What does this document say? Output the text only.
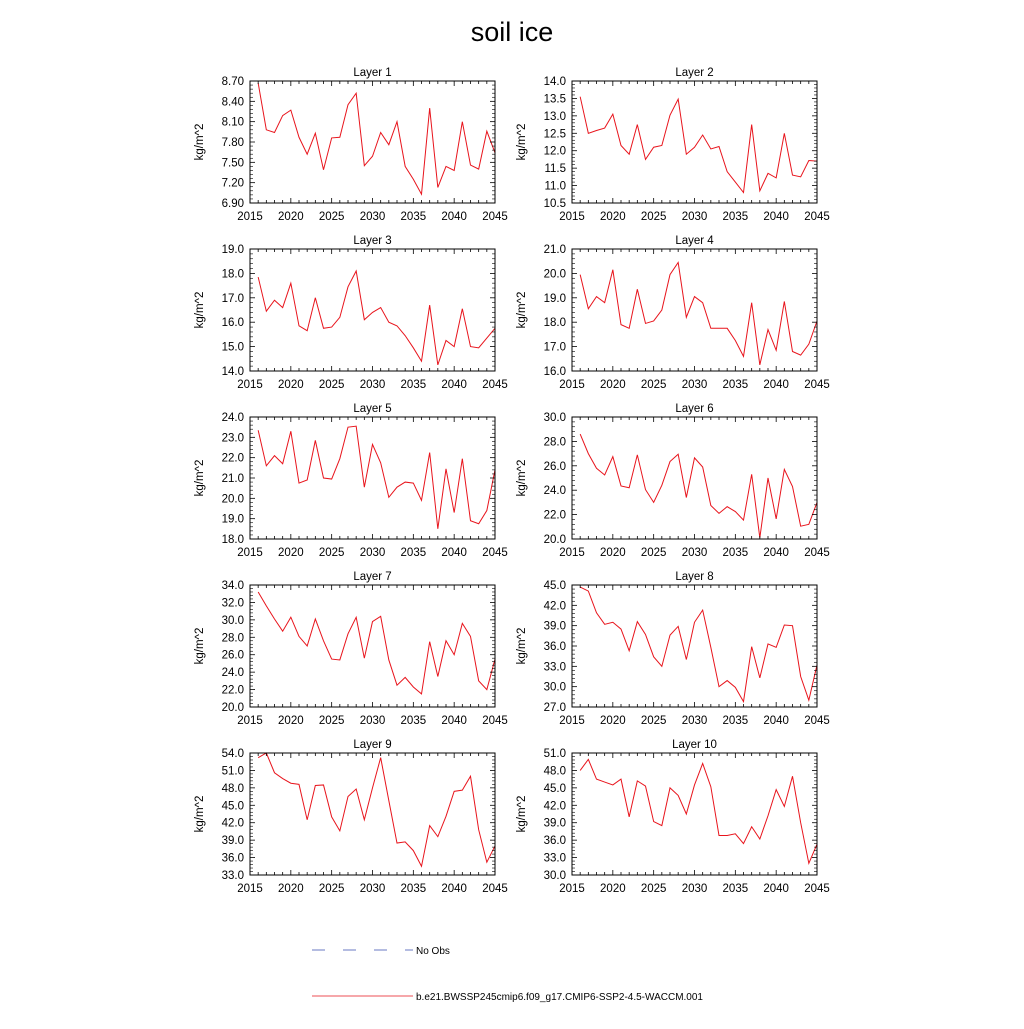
soil ice
Layer 1
2015 2020 2025 2030 2035 2040 2045
6.90
7.20
7.50
7.80
8.10
8.40
8.70
kg/m^2
Layer 2
2015 2020 2025 2030 2035 2040 2045
10.5
11.0
11.5
12.0
12.5
13.0
13.5
14.0
kg/m^2
Layer 3
2015 2020 2025 2030 2035 2040 2045
14.0
15.0
16.0
17.0
18.0
19.0
kg/m^2
Layer 4
2015 2020 2025 2030 2035 2040 2045
16.0
17.0
18.0
19.0
20.0
21.0
kg/m^2
Layer 5
2015 2020 2025 2030 2035 2040 2045
18.0
19.0
20.0
21.0
22.0
23.0
24.0
kg/m^2
Layer 6
2015 2020 2025 2030 2035 2040 2045
20.0
22.0
24.0
26.0
28.0
30.0
kg/m^2
Layer 7
2015 2020 2025 2030 2035 2040 2045
20.0
22.0
24.0
26.0
28.0
30.0
32.0
34.0
kg/m^2
Layer 8
2015 2020 2025 2030 2035 2040 2045
27.0
30.0
33.0
36.0
39.0
42.0
45.0
kg/m^2
Layer 9
2015 2020 2025 2030 2035 2040 2045
33.0
36.0
39.0
42.0
45.0
48.0
51.0
54.0
kg/m^2
Layer 10
2015 2020 2025 2030 2035 2040 2045
30.0
33.0
36.0
39.0
42.0
45.0
48.0
51.0
kg/m^2
No Obs
b.e21.BWSSP245cmip6.f09_g17.CMIP6-SSP2-4.5-WACCM.001
